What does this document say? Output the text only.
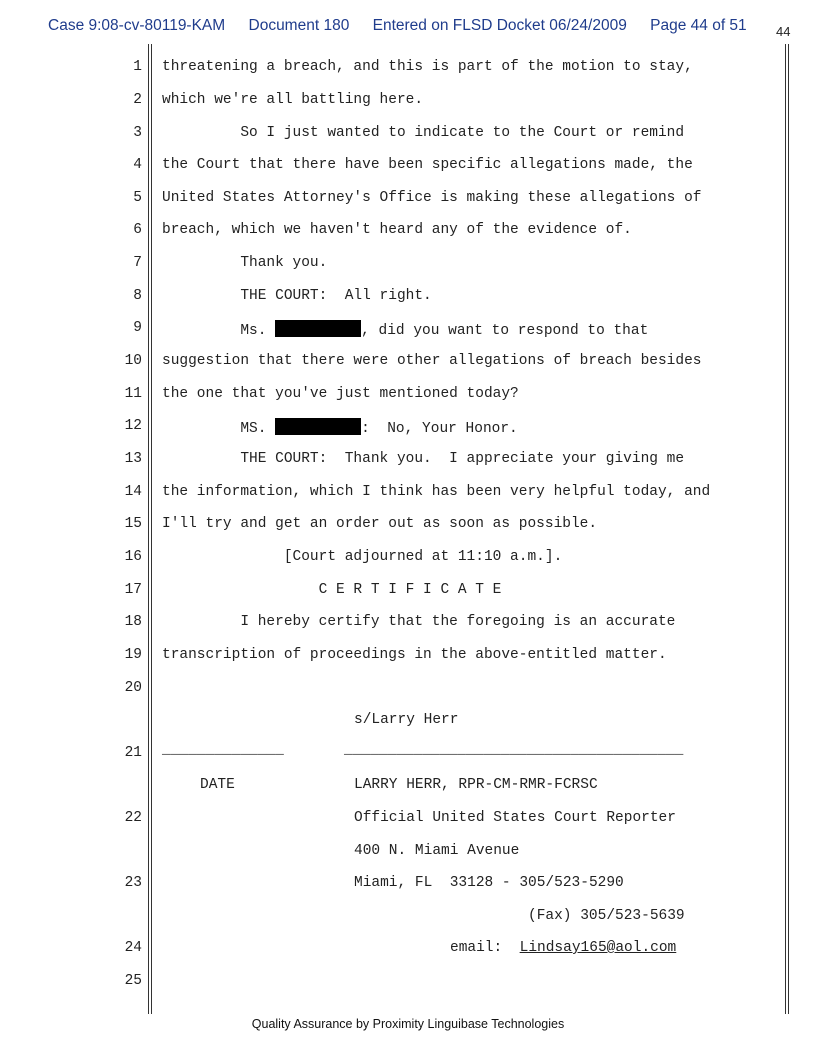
Case 9:08-cv-80119-KAM Document 180 Entered on FLSD Docket 06/24/2009 Page 44 of 51	44
1
2
3
4
5
6
7
8
9
10
11
12
13
14
15
16
17
18
19
20
21
22
23
24
25
threatening a breach, and this is part of the motion to stay,
which we're all battling here.
So I just wanted to indicate to the Court or remind
the Court that there have been specific allegations made, the
United States Attorney's Office is making these allegations of
breach, which we haven't heard any of the evidence of.
Thank you.
THE COURT:  All right.
Ms.	, did you want to respond to that
suggestion that there were other allegations of breach besides
the one that you've just mentioned today?
MS.	:  No, Your Honor.
THE COURT:  Thank you.  I appreciate your giving me
the information, which I think has been very helpful today, and
I'll try and get an order out as soon as possible.
[Court adjourned at 11:10 a.m.].
C E R T I F I C A T E
I hereby certify that the foregoing is an accurate
transcription of proceedings in the above-entitled matter.
s/Larry Herr
______________	_______________________________________
DATE	LARRY HERR, RPR-CM-RMR-FCRSC
Official United States Court Reporter
400 N. Miami Avenue
Miami, FL  33128 - 305/523-5290
(Fax) 305/523-5639
email: Lindsay165@aol.com
Quality Assurance by Proximity Linguibase Technologies
